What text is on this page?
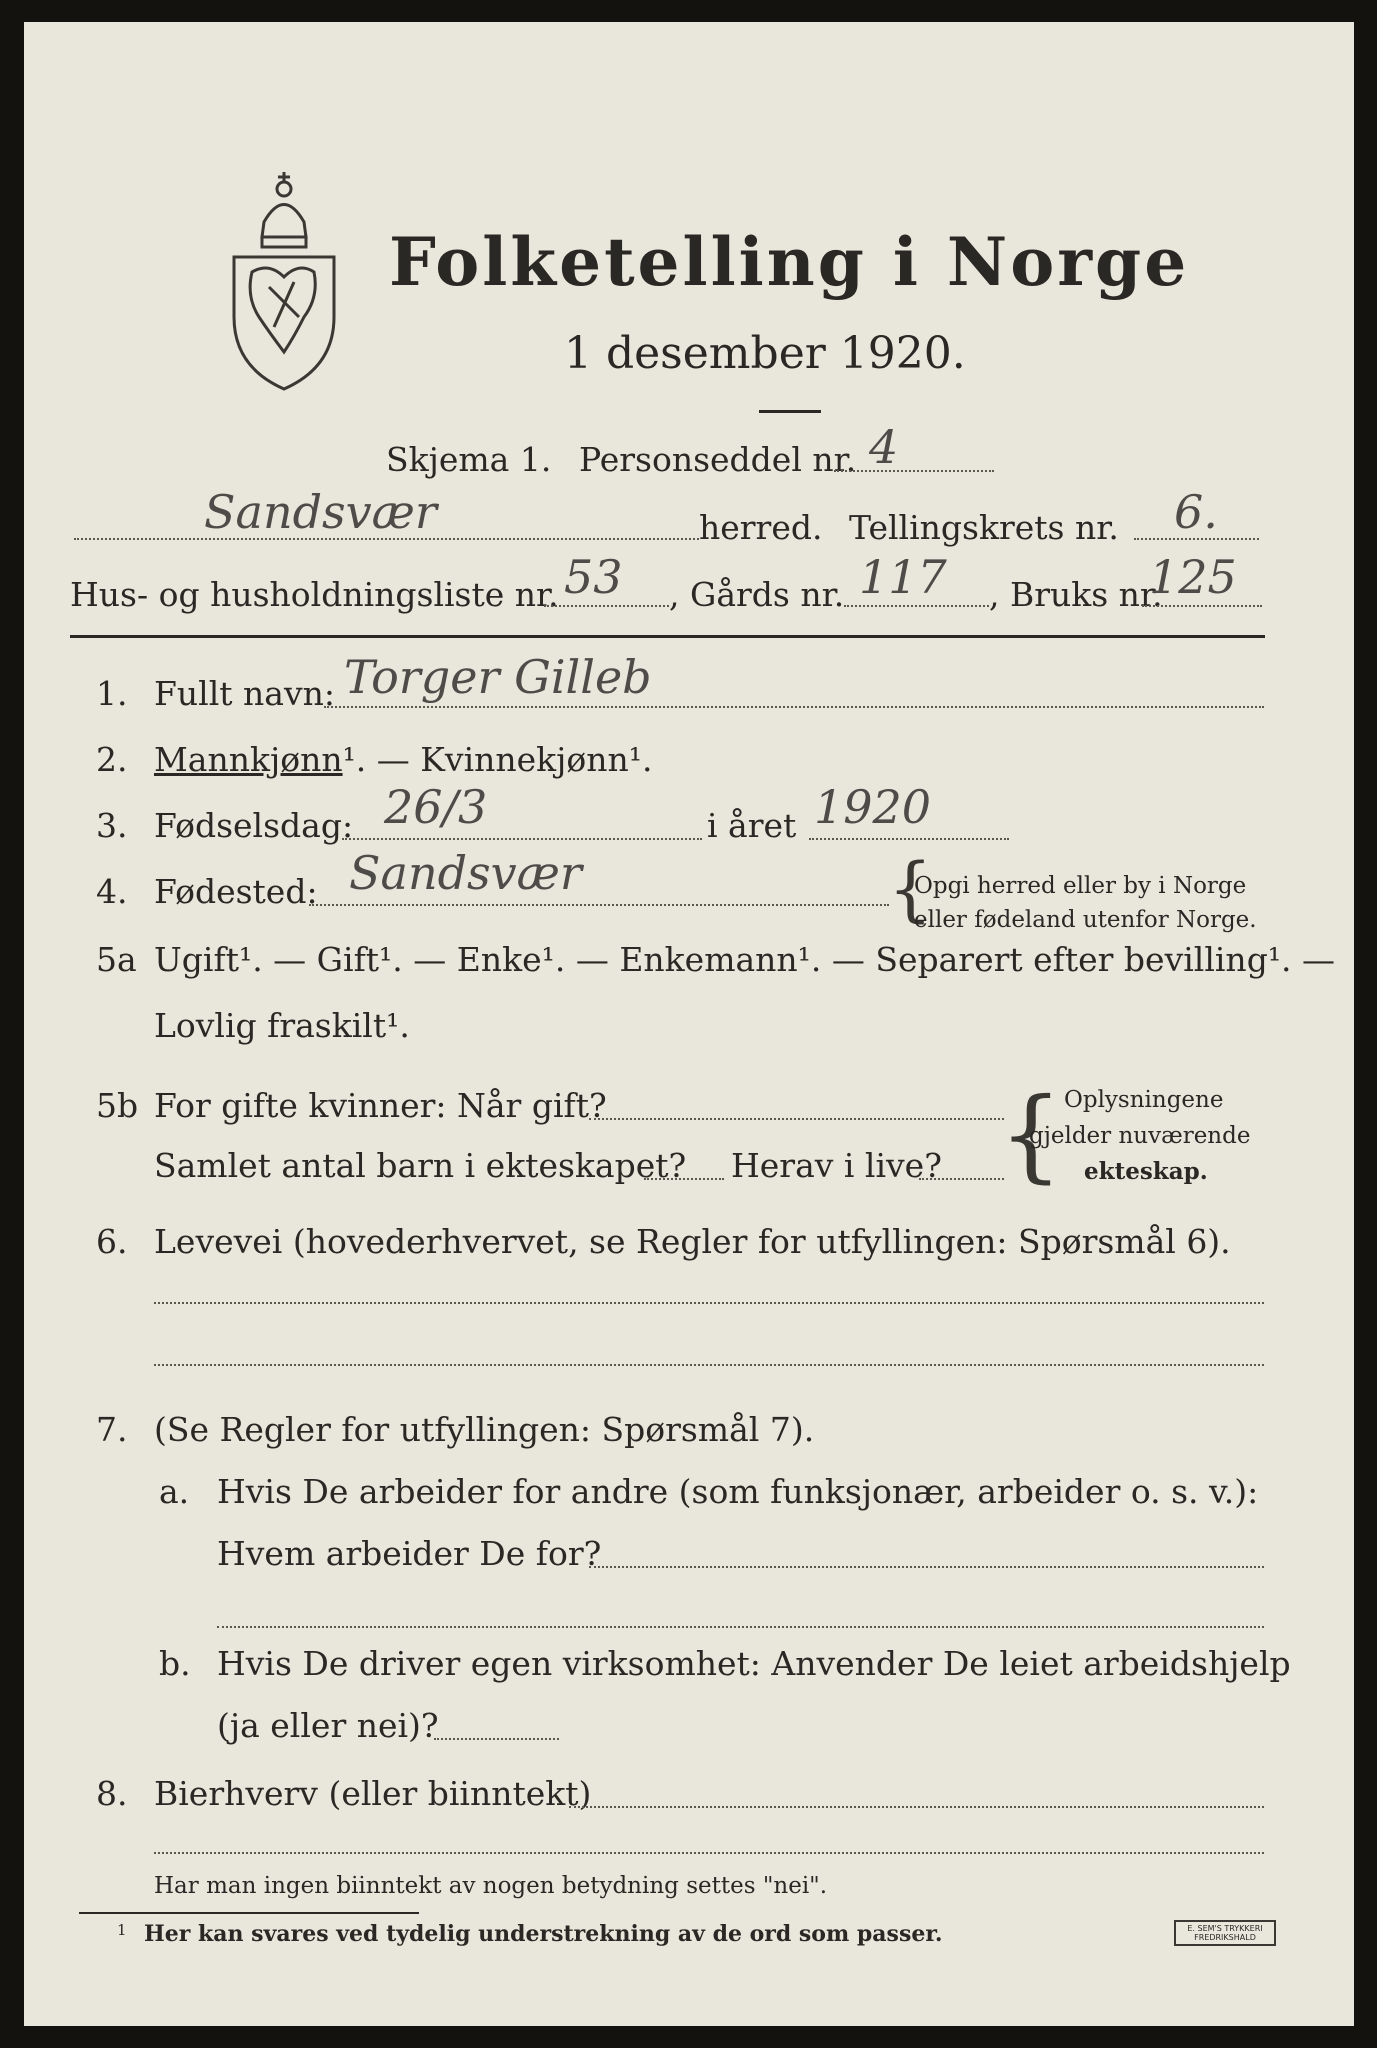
Folketelling i Norge
1 desember 1920.
Skjema 1. Personseddel nr. 4
Sandsvær	herred. Tellingskrets nr. 6.
Hus- og husholdningsliste nr. 53 , Gårds nr. 117 , Bruks nr.
125
1. Fullt navn: Torger Gilleb
2. Mannkjønn¹. — Kvinnekjønn¹.
3. Fødselsdag: 26/3	i året 1920
4. Fødested: Sandsvær	{
Opgi herred eller by i Norge
eller fødeland utenfor Norge.
5a Ugift¹. — Gift¹. — Enke¹. — Enkemann¹. — Separert efter bevilling¹. —
Lovlig fraskilt¹.
5b For gifte kvinner: Når gift?
Samlet antal barn i ekteskapet? Herav i live? { Oplysningene
gjelder nuværende
ekteskap.
6. Levevei (hovederhvervet, se Regler for utfyllingen: Spørsmål 6).
7. (Se Regler for utfyllingen: Spørsmål 7).
a. Hvis De arbeider for andre (som funksjonær, arbeider o. s. v.):
Hvem arbeider De for?
b. Hvis De driver egen virksomhet: Anvender De leiet arbeidshjelp
(ja eller nei)?
8. Bierhverv (eller biinntekt)
Har man ingen biinntekt av nogen betydning settes "nei".
1 Her kan svares ved tydelig understrekning av de ord som passer.	E. SEM'S TRYKKERI
FREDRIKSHALD
